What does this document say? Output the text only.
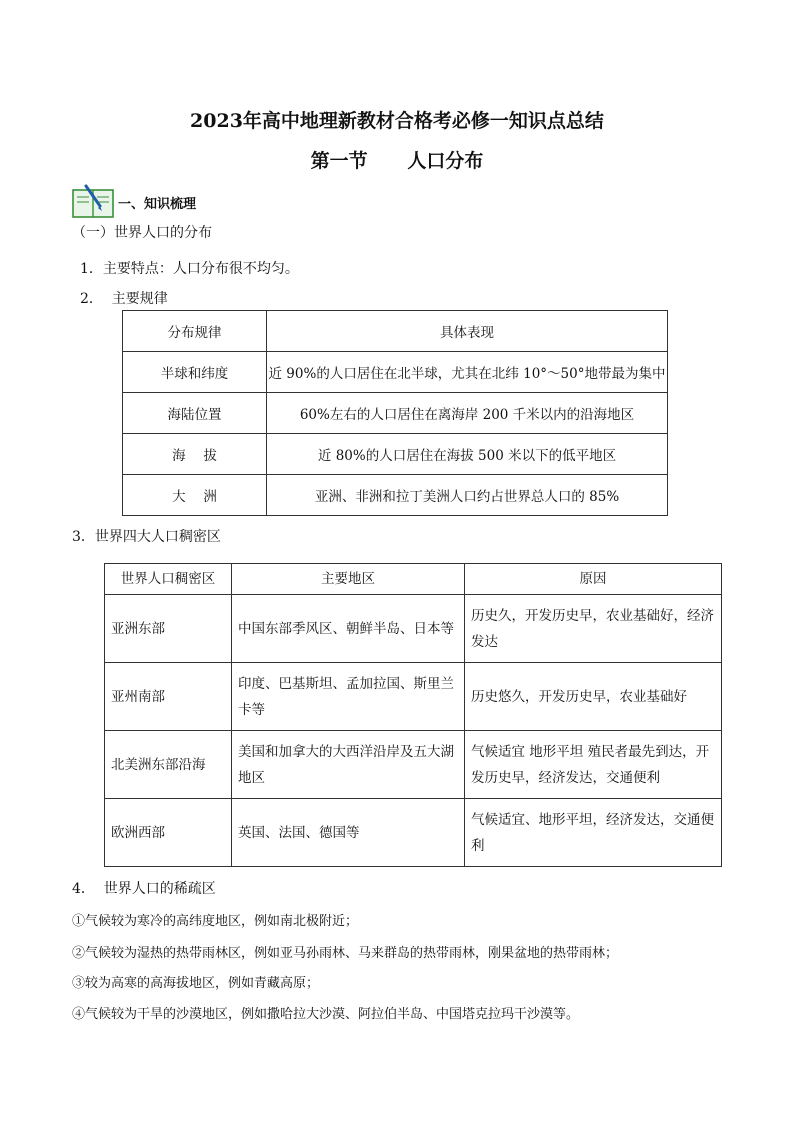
2023年高中地理新教材合格考必修一知识点总结
第一节      人口分布
一、知识梳理
（一）世界人口的分布
1．主要特点：人口分布很不均匀。
2．  主要规律
分布规律	具体表现
半球和纬度	近 90%的人口居住在北半球，尤其在北纬 10°～50°地带最为集中
海陆位置	60%左右的人口居住在离海岸 200 千米以内的沿海地区
海　 拔	近 80%的人口居住在海拔 500 米以下的低平地区
大　 洲	亚洲、非洲和拉丁美洲人口约占世界总人口的 85%
3．世界四大人口稠密区
世界人口稠密区	主要地区	原因
亚洲东部	中国东部季风区、朝鲜半岛、日本等	历史久，开发历史早，农业基础好，经济发达
亚州南部	印度、巴基斯坦、孟加拉国、斯里兰卡等	历史悠久，开发历史早，农业基础好
北美洲东部沿海	美国和加拿大的大西洋沿岸及五大湖地区	气候适宜 地形平坦 殖民者最先到达，开发历史早，经济发达，交通便利
欧洲西部	英国、法国、德国等	气候适宜、地形平坦，经济发达，交通便利
4．  世界人口的稀疏区
①气候较为寒冷的高纬度地区，例如南北极附近；
②气候较为湿热的热带雨林区，例如亚马孙雨林、马来群岛的热带雨林，刚果盆地的热带雨林；
③较为高寒的高海拔地区，例如青藏高原；
④气候较为干旱的沙漠地区，例如撒哈拉大沙漠、阿拉伯半岛、中国塔克拉玛干沙漠等。
